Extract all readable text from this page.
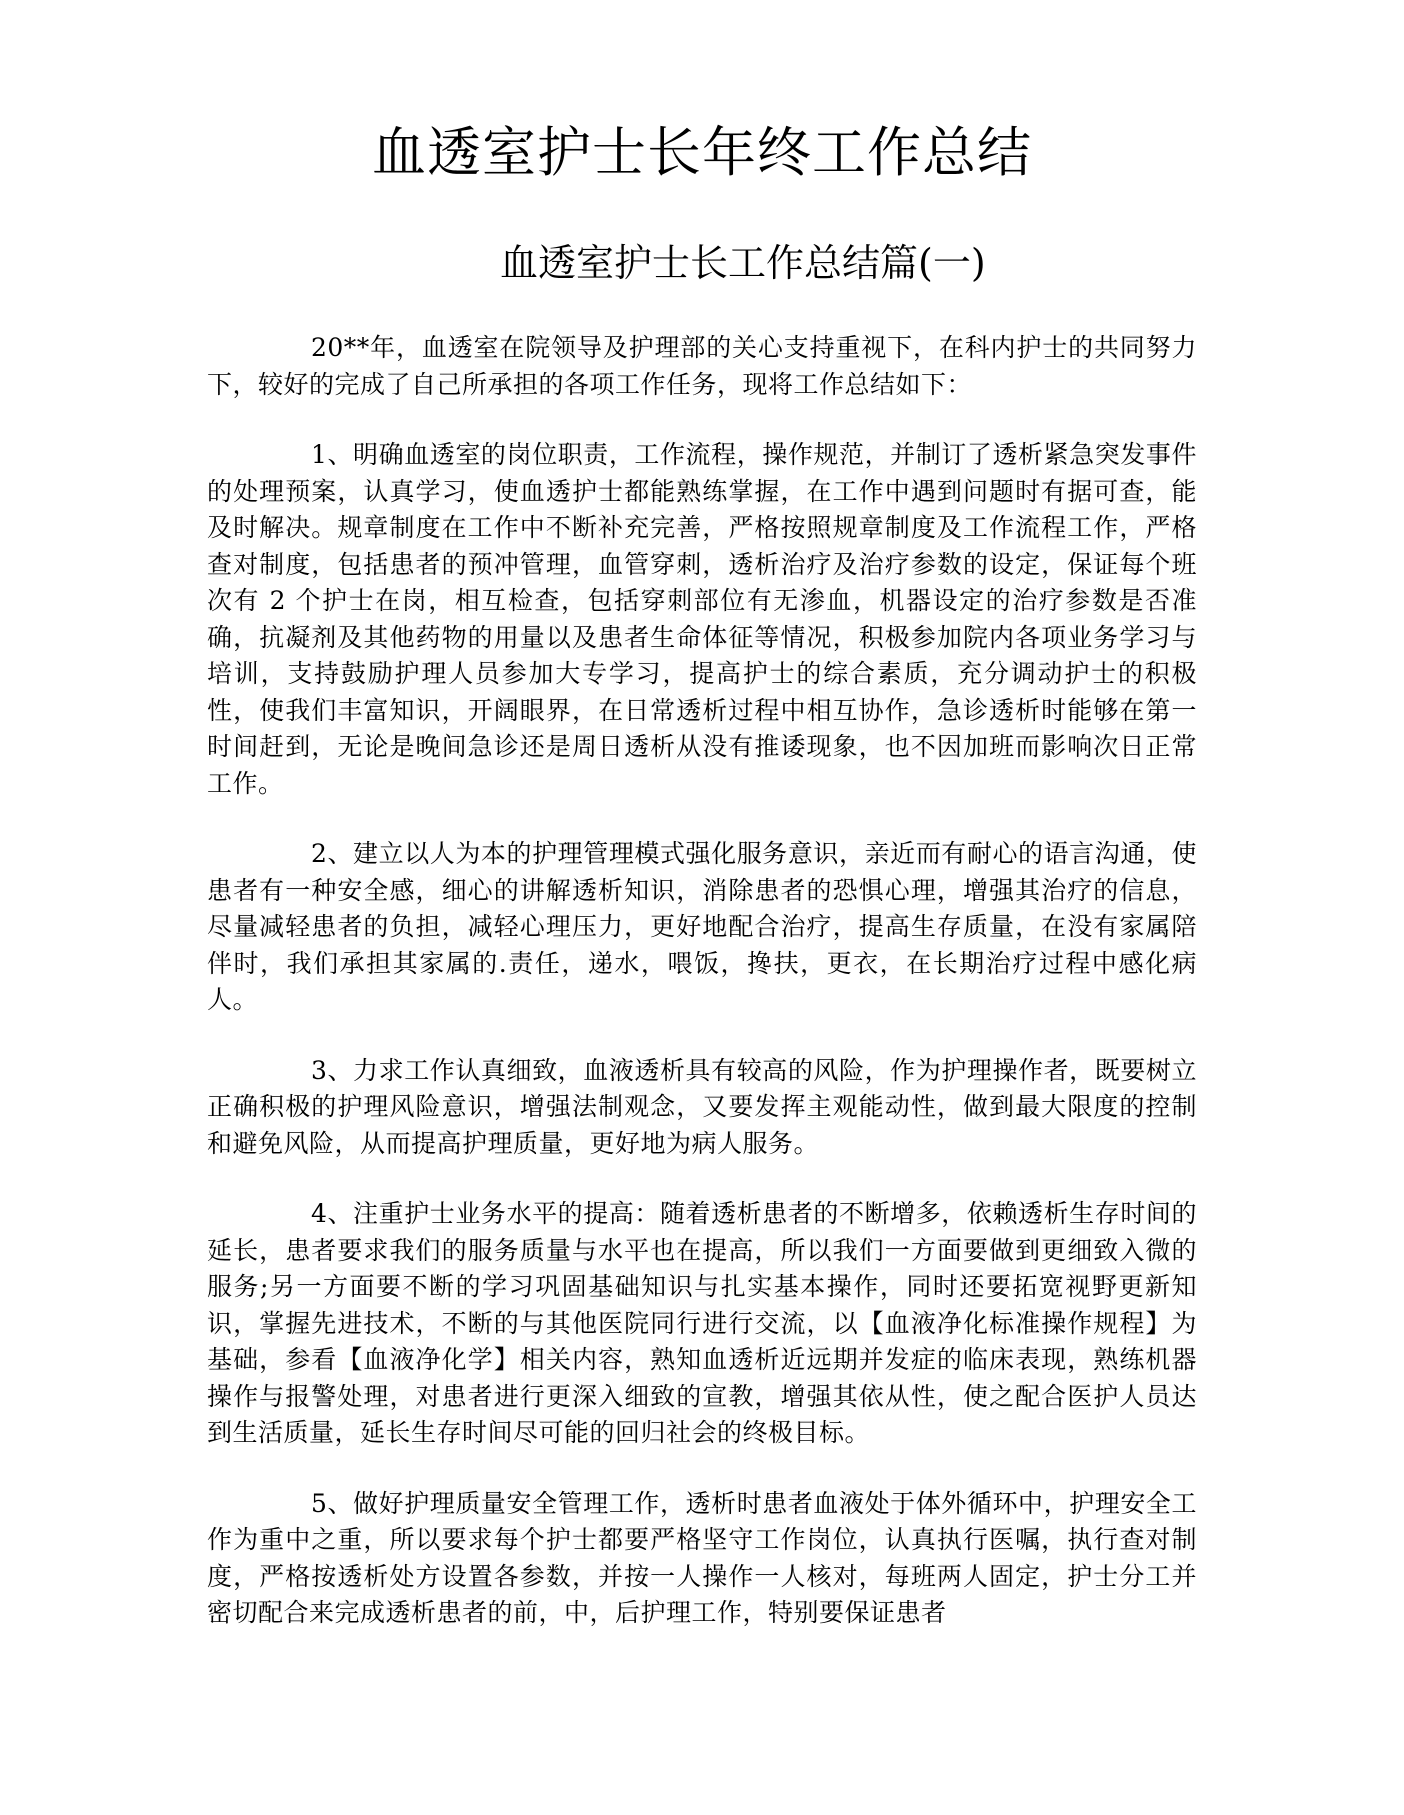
血透室护士长年终工作总结
血透室护士长工作总结篇(一)

20**年，血透室在院领导及护理部的关心支持重视下，在科内护士的共同努力下，较好的完成了自己所承担的各项工作任务，现将工作总结如下：

1、明确血透室的岗位职责，工作流程，操作规范，并制订了透析紧急突发事件的处理预案，认真学习，使血透护士都能熟练掌握，在工作中遇到问题时有据可查，能及时解决。规章制度在工作中不断补充完善，严格按照规章制度及工作流程工作，严格查对制度，包括患者的预冲管理，血管穿刺，透析治疗及治疗参数的设定，保证每个班次有 2 个护士在岗，相互检查，包括穿刺部位有无渗血，机器设定的治疗参数是否准确，抗凝剂及其他药物的用量以及患者生命体征等情况，积极参加院内各项业务学习与培训，支持鼓励护理人员参加大专学习，提高护士的综合素质，充分调动护士的积极性，使我们丰富知识，开阔眼界，在日常透析过程中相互协作，急诊透析时能够在第一时间赶到，无论是晚间急诊还是周日透析从没有推诿现象，也不因加班而影响次日正常工作。

2、建立以人为本的护理管理模式强化服务意识，亲近而有耐心的语言沟通，使患者有一种安全感，细心的讲解透析知识，消除患者的恐惧心理，增强其治疗的信息，尽量减轻患者的负担，减轻心理压力，更好地配合治疗，提高生存质量，在没有家属陪伴时，我们承担其家属的.责任，递水，喂饭，搀扶，更衣，在长期治疗过程中感化病人。

3、力求工作认真细致，血液透析具有较高的风险，作为护理操作者，既要树立正确积极的护理风险意识，增强法制观念，又要发挥主观能动性，做到最大限度的控制和避免风险，从而提高护理质量，更好地为病人服务。

4、注重护士业务水平的提高：随着透析患者的不断增多，依赖透析生存时间的延长，患者要求我们的服务质量与水平也在提高，所以我们一方面要做到更细致入微的服务;另一方面要不断的学习巩固基础知识与扎实基本操作，同时还要拓宽视野更新知识，掌握先进技术，不断的与其他医院同行进行交流，以【血液净化标准操作规程】为基础，参看【血液净化学】相关内容，熟知血透析近远期并发症的临床表现，熟练机器操作与报警处理，对患者进行更深入细致的宣教，增强其依从性，使之配合医护人员达到生活质量，延长生存时间尽可能的回归社会的终极目标。

5、做好护理质量安全管理工作，透析时患者血液处于体外循环中，护理安全工作为重中之重，所以要求每个护士都要严格坚守工作岗位，认真执行医嘱，执行查对制度，严格按透析处方设置各参数，并按一人操作一人核对，每班两人固定，护士分工并密切配合来完成透析患者的前，中，后护理工作，特别要保证患者
